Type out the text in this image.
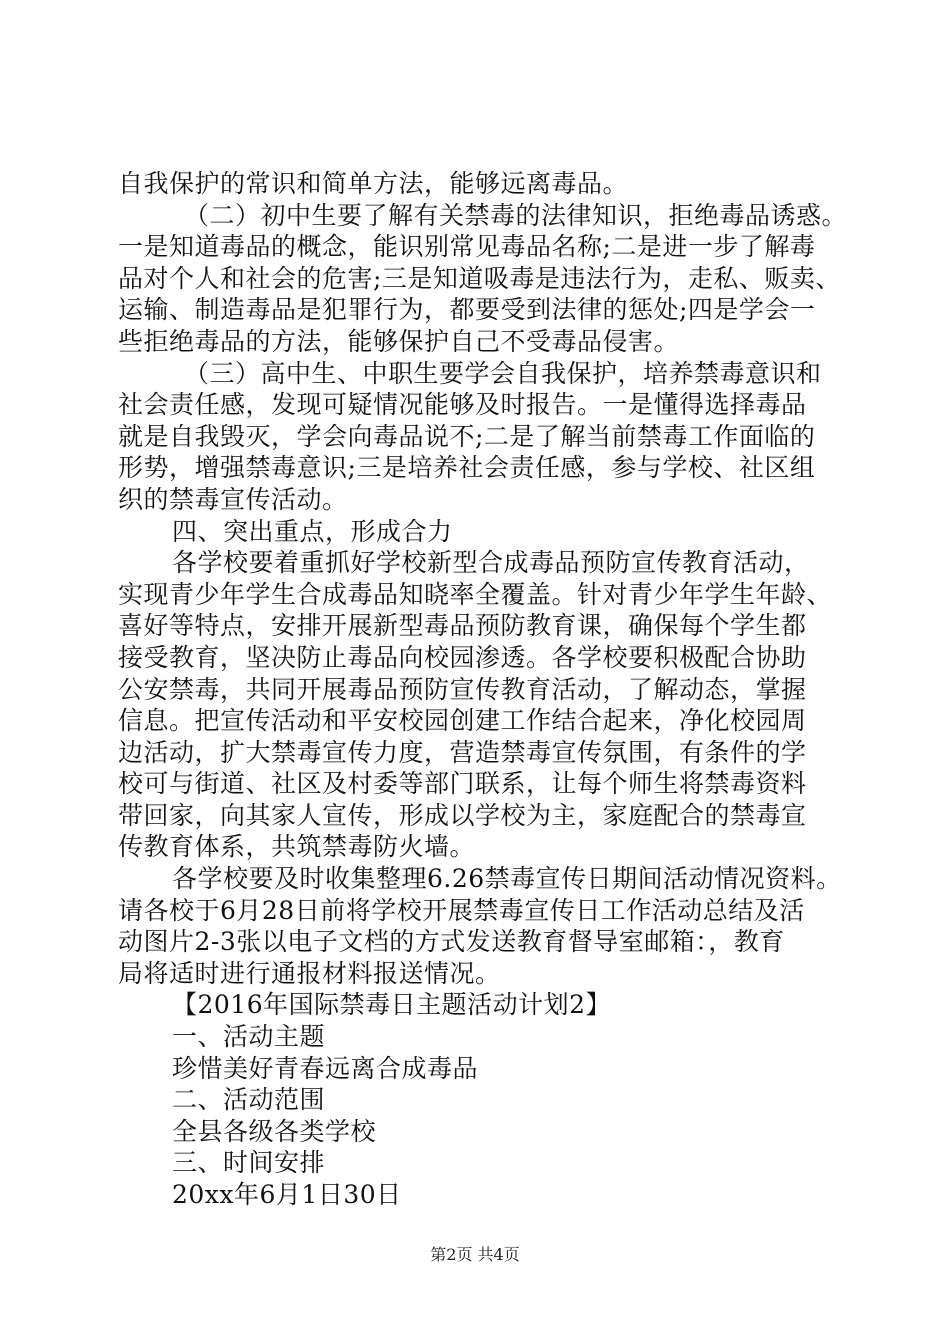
自我保护的常识和简单方法，能够远离毒品。
（二）初中生要了解有关禁毒的法律知识，拒绝毒品诱惑。
一是知道毒品的概念，能识别常见毒品名称;二是进一步了解毒
品对个人和社会的危害;三是知道吸毒是违法行为，走私、贩卖、
运输、制造毒品是犯罪行为，都要受到法律的惩处;四是学会一
些拒绝毒品的方法，能够保护自己不受毒品侵害。
（三）高中生、中职生要学会自我保护，培养禁毒意识和
社会责任感，发现可疑情况能够及时报告。一是懂得选择毒品
就是自我毁灭，学会向毒品说不;二是了解当前禁毒工作面临的
形势，增强禁毒意识;三是培养社会责任感，参与学校、社区组
织的禁毒宣传活动。
四、突出重点，形成合力
各学校要着重抓好学校新型合成毒品预防宣传教育活动，
实现青少年学生合成毒品知晓率全覆盖。针对青少年学生年龄、
喜好等特点，安排开展新型毒品预防教育课，确保每个学生都
接受教育，坚决防止毒品向校园渗透。各学校要积极配合协助
公安禁毒，共同开展毒品预防宣传教育活动，了解动态，掌握
信息。把宣传活动和平安校园创建工作结合起来，净化校园周
边活动，扩大禁毒宣传力度，营造禁毒宣传氛围，有条件的学
校可与街道、社区及村委等部门联系，让每个师生将禁毒资料
带回家，向其家人宣传，形成以学校为主，家庭配合的禁毒宣
传教育体系，共筑禁毒防火墙。
各学校要及时收集整理6.26禁毒宣传日期间活动情况资料。
请各校于6月28日前将学校开展禁毒宣传日工作活动总结及活
动图片2-3张以电子文档的方式发送教育督导室邮箱：，教育
局将适时进行通报材料报送情况。
【2016年国际禁毒日主题活动计划2】
一、活动主题
珍惜美好青春远离合成毒品
二、活动范围
全县各级各类学校
三、时间安排
20xx年6月1日30日
第2页 共4页
